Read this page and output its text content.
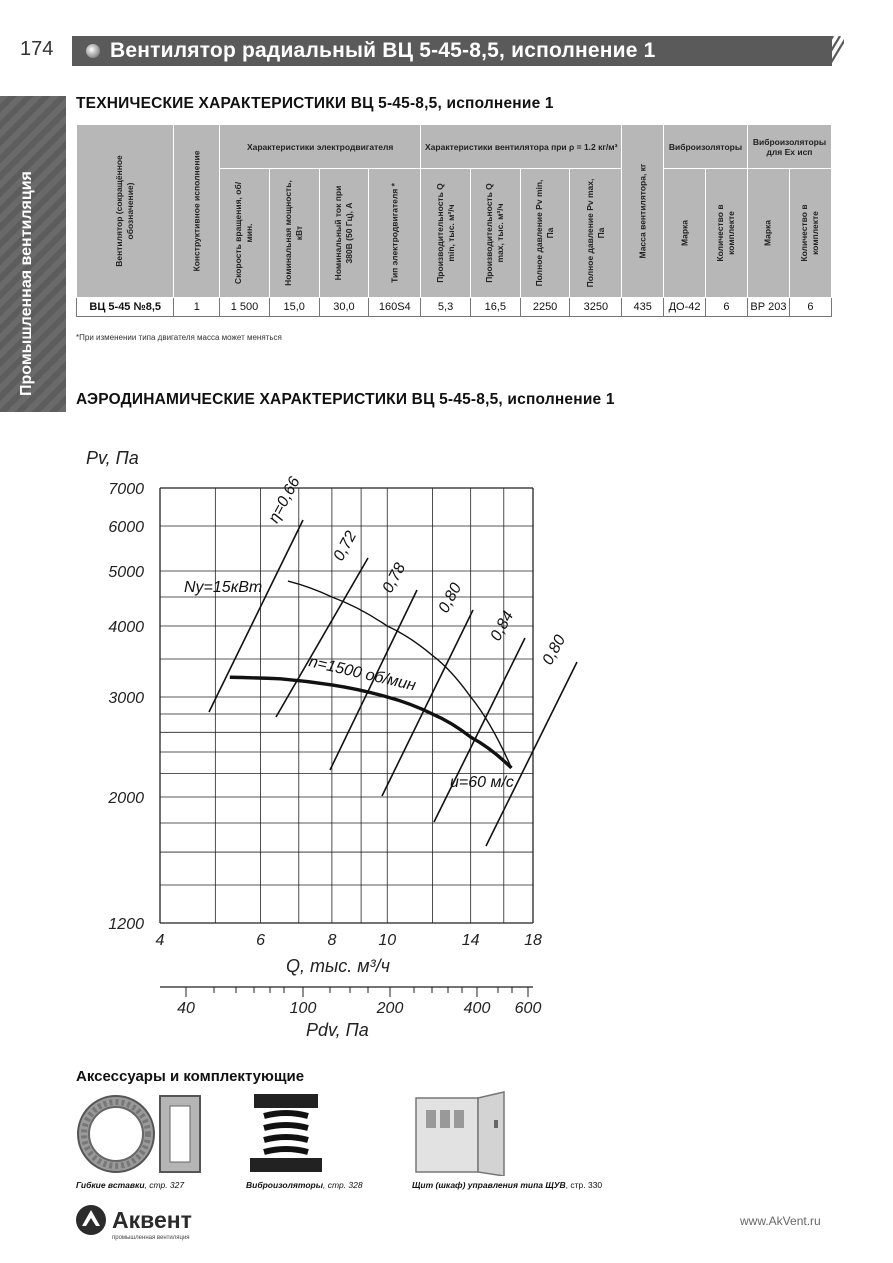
174	Вентилятор радиальный ВЦ 5-45-8,5, исполнение 1
Промышленная вентиляция
ТЕХНИЧЕСКИЕ ХАРАКТЕРИСТИКИ ВЦ 5-45-8,5, исполнение 1
Вентилятор (сокращённое обозначение)	Конструктивное исполнение	Характеристики электродвигателя				Характеристики вентилятора при ρ = 1.2 кг/м³				Масса вентилятора, кг	Виброизоляторы		Виброизоляторы для Ex исп	

		Скорость вращения, об/мин.	Номинальная мощность, кВт	Номинальный ток при 380В (50 Гц), А	Тип электродвигателя *	Производительность Q min, тыс. м³/ч	Производительность Q max, тыс. м³/ч	Полное давление Pv min, Па	Полное давление Pv max, Па		Марка	Количество в комплекте	Марка	Количество в комплекте

ВЦ 5-45 №8,5	1	1 500	15,0	30,0	160S4	5,3	16,5	2250	3250	435	ДО-42	6	ВР 203	6
*При изменении типа двигателя масса может меняться
АЭРОДИНАМИЧЕСКИЕ ХАРАКТЕРИСТИКИ ВЦ 5-45-8,5, исполнение 1
1200
2000
3000
4000
5000
6000
7000
4	6	8	10	14	18
40	100	200	400 600
η=0,66
0,72
0,78
0,80
0,84
0,80
Pv, Па
Q, тыс. м³/ч
Pdv, Па
Ny=15кВт
n=1500 об/мин
u=60 м/с
Аксессуары и комплектующие
Гибкие вставки, стр. 327	Виброизоляторы, стр. 328	Щит (шкаф) управления типа ЩУВ, стр. 330
Аквент
промышленная вентиляция
www.AkVent.ru
